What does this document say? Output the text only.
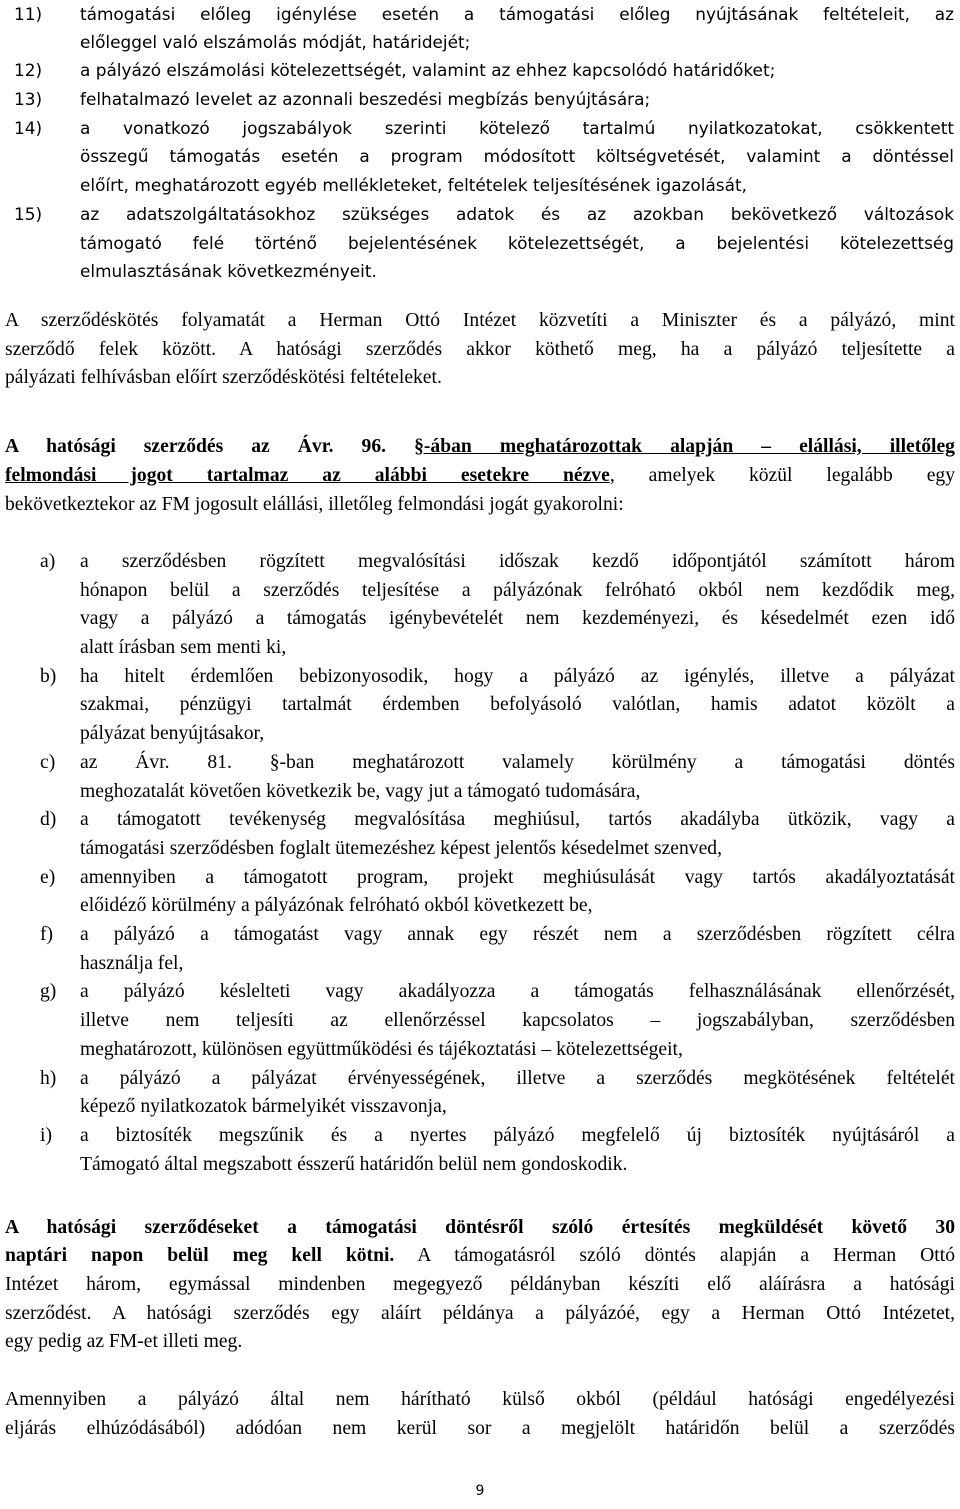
11) támogatási előleg igénylése esetén a támogatási előleg nyújtásának feltételeit, az
előleggel való elszámolás módját, határidejét;
12) a pályázó elszámolási kötelezettségét, valamint az ehhez kapcsolódó határidőket;
13) felhatalmazó levelet az azonnali beszedési megbízás benyújtására;
14) a vonatkozó jogszabályok szerinti kötelező tartalmú nyilatkozatokat, csökkentett
összegű támogatás esetén a program módosított költségvetését, valamint a döntéssel
előírt, meghatározott egyéb mellékleteket, feltételek teljesítésének igazolását,
15) az adatszolgáltatásokhoz szükséges adatok és az azokban bekövetkező változások
támogató felé történő bejelentésének kötelezettségét, a bejelentési kötelezettség
elmulasztásának következményeit.
A szerződéskötés folyamatát a Herman Ottó Intézet közvetíti a Miniszter és a pályázó, mint
szerződő felek között. A hatósági szerződés akkor köthető meg, ha a pályázó teljesítette a
pályázati felhívásban előírt szerződéskötési feltételeket.
A hatósági szerződés az Ávr. 96. §-ában meghatározottak alapján – elállási, illetőleg
felmondási jogot tartalmaz az alábbi esetekre nézve, amelyek közül legalább egy
bekövetkeztekor az FM jogosult elállási, illetőleg felmondási jogát gyakorolni:
a) a szerződésben rögzített megvalósítási időszak kezdő időpontjától számított három
hónapon belül a szerződés teljesítése a pályázónak felróható okból nem kezdődik meg,
vagy a pályázó a támogatás igénybevételét nem kezdeményezi, és késedelmét ezen idő
alatt írásban sem menti ki,
b) ha hitelt érdemlően bebizonyosodik, hogy a pályázó az igénylés, illetve a pályázat
szakmai, pénzügyi tartalmát érdemben befolyásoló valótlan, hamis adatot közölt a
pályázat benyújtásakor,
c) az Ávr. 81. §-ban meghatározott valamely körülmény a támogatási döntés
meghozatalát követően következik be, vagy jut a támogató tudomására,
d) a támogatott tevékenység megvalósítása meghiúsul, tartós akadályba ütközik, vagy a
támogatási szerződésben foglalt ütemezéshez képest jelentős késedelmet szenved,
e) amennyiben a támogatott program, projekt meghiúsulását vagy tartós akadályoztatását
előidéző körülmény a pályázónak felróható okból következett be,
f) a pályázó a támogatást vagy annak egy részét nem a szerződésben rögzített célra
használja fel,
g) a pályázó késlelteti vagy akadályozza a támogatás felhasználásának ellenőrzését,
illetve nem teljesíti az ellenőrzéssel kapcsolatos – jogszabályban, szerződésben
meghatározott, különösen együttműködési és tájékoztatási – kötelezettségeit,
h) a pályázó a pályázat érvényességének, illetve a szerződés megkötésének feltételét
képező nyilatkozatok bármelyikét visszavonja,
i) a biztosíték megszűnik és a nyertes pályázó megfelelő új biztosíték nyújtásáról a
Támogató által megszabott ésszerű határidőn belül nem gondoskodik.
A hatósági szerződéseket a támogatási döntésről szóló értesítés megküldését követő 30
naptári napon belül meg kell kötni. A támogatásról szóló döntés alapján a Herman Ottó
Intézet három, egymással mindenben megegyező példányban készíti elő aláírásra a hatósági
szerződést. A hatósági szerződés egy aláírt példánya a pályázóé, egy a Herman Ottó Intézetet,
egy pedig az FM-et illeti meg.
Amennyiben a pályázó által nem hárítható külső okból (például hatósági engedélyezési
eljárás elhúzódásából) adódóan nem kerül sor a megjelölt határidőn belül a szerződés
9
